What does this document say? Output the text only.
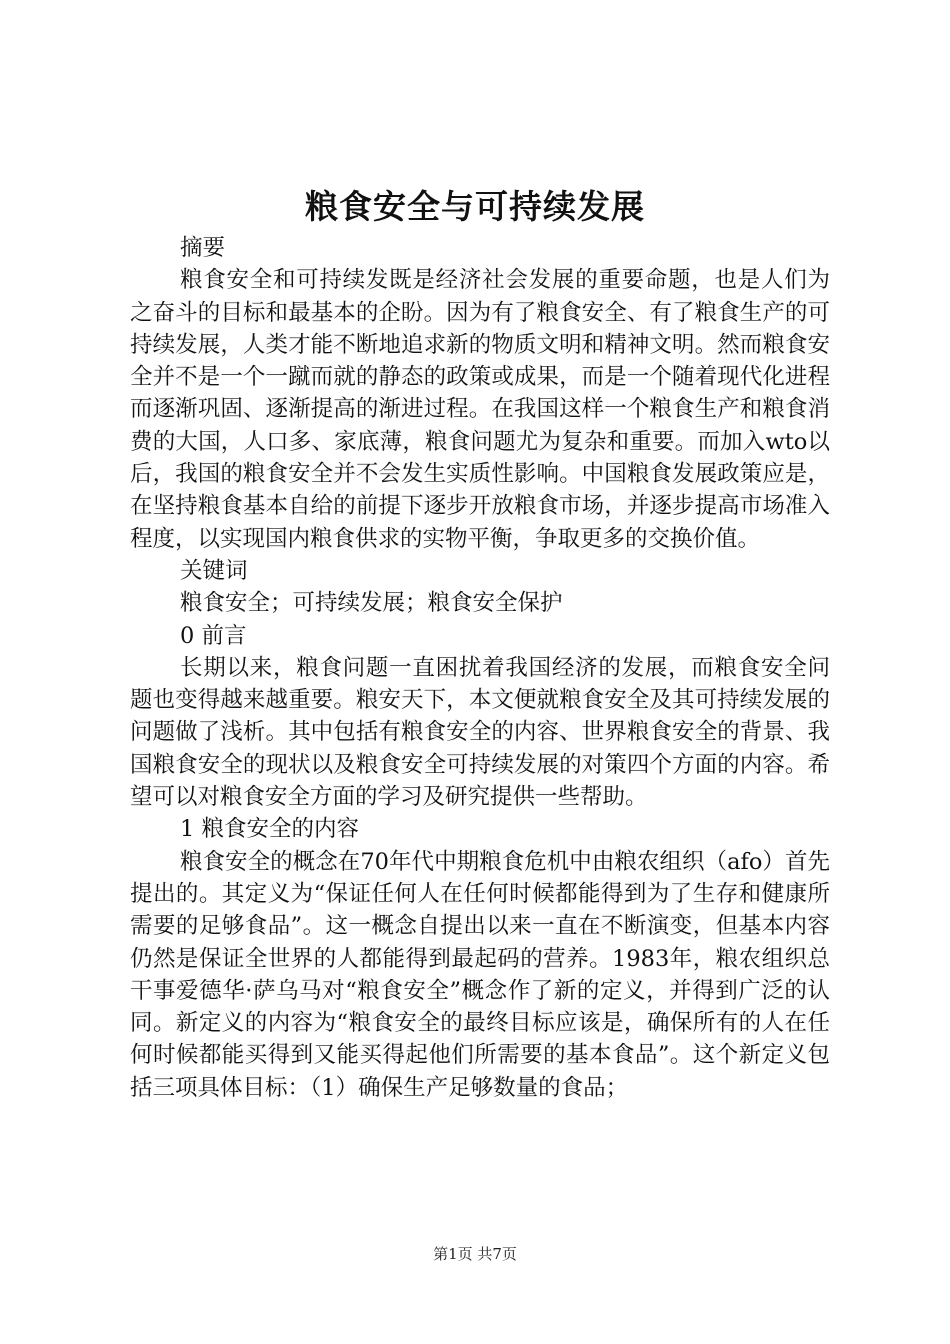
粮食安全与可持续发展
摘要

粮食安全和可持续发既是经济社会发展的重要命题，也是人们为之奋斗的目标和最基本的企盼。因为有了粮食安全、有了粮食生产的可持续发展，人类才能不断地追求新的物质文明和精神文明。然而粮食安全并不是一个一蹴而就的静态的政策或成果，而是一个随着现代化进程而逐渐巩固、逐渐提高的渐进过程。在我国这样一个粮食生产和粮食消费的大国，人口多、家底薄，粮食问题尤为复杂和重要。而加入wto以后，我国的粮食安全并不会发生实质性影响。中国粮食发展政策应是，在坚持粮食基本自给的前提下逐步开放粮食市场，并逐步提高市场准入程度，以实现国内粮食供求的实物平衡，争取更多的交换价值。

关键词
粮食安全；可持续发展；粮食安全保护
0 前言

长期以来，粮食问题一直困扰着我国经济的发展，而粮食安全问题也变得越来越重要。粮安天下，本文便就粮食安全及其可持续发展的问题做了浅析。其中包括有粮食安全的内容、世界粮食安全的背景、我国粮食安全的现状以及粮食安全可持续发展的对策四个方面的内容。希望可以对粮食安全方面的学习及研究提供一些帮助。

1 粮食安全的内容

粮食安全的概念在70年代中期粮食危机中由粮农组织（afo）首先提出的。其定义为“保证任何人在任何时候都能得到为了生存和健康所需要的足够食品”。这一概念自提出以来一直在不断演变，但基本内容仍然是保证全世界的人都能得到最起码的营养。1983年，粮农组织总干事爱德华·萨乌马对“粮食安全”概念作了新的定义，并得到广泛的认同。新定义的内容为“粮食安全的最终目标应该是，确保所有的人在任何时候都能买得到又能买得起他们所需要的基本食品”。这个新定义包括三项具体目标：（1）确保生产足够数量的食品；

第1页 共7页
